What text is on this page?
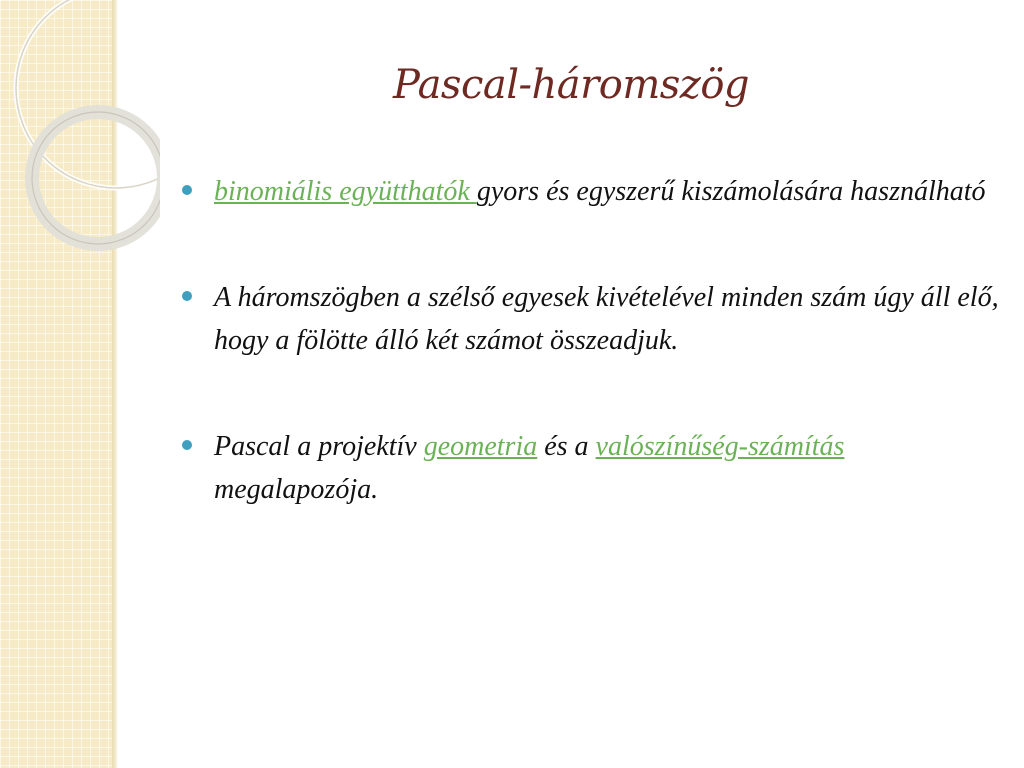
Pascal-háromszög
binomiális együtthatók gyors és egyszerű kiszámolására használható
A háromszögben a szélső egyesek kivételével minden szám úgy áll elő, hogy a fölötte álló két számot összeadjuk.
Pascal a projektív geometria és a valószínűség-számítás megalapozója.
